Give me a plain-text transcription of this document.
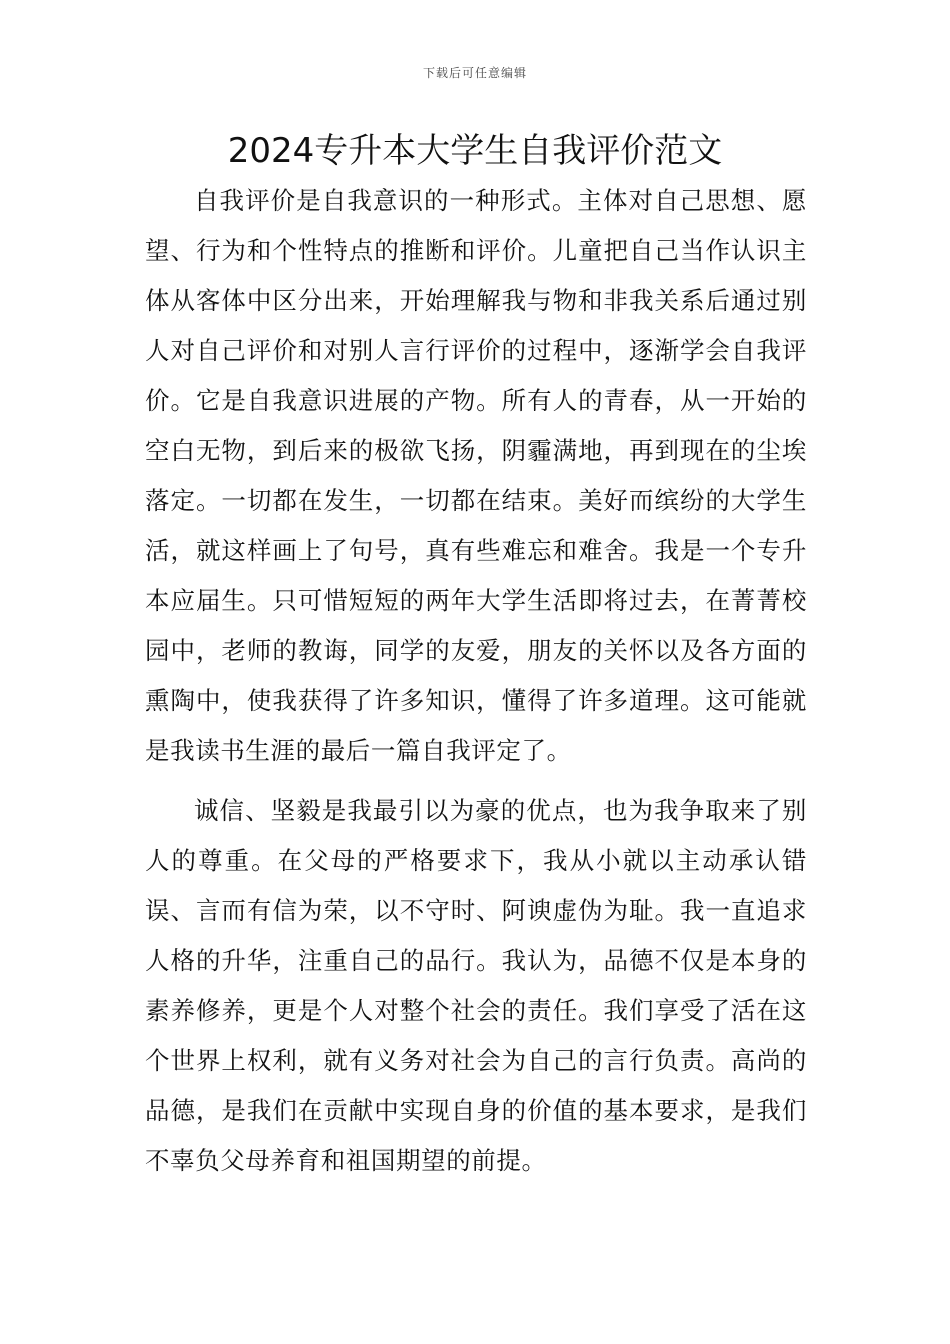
下载后可任意编辑
2024专升本大学生自我评价范文

自我评价是自我意识的一种形式。主体对自己思想、愿望、行为和个性特点的推断和评价。儿童把自己当作认识主体从客体中区分出来，开始理解我与物和非我关系后通过别人对自己评价和对别人言行评价的过程中，逐渐学会自我评价。它是自我意识进展的产物。所有人的青春，从一开始的空白无物，到后来的极欲飞扬，阴霾满地，再到现在的尘埃落定。一切都在发生，一切都在结束。美好而缤纷的大学生活，就这样画上了句号，真有些难忘和难舍。我是一个专升本应届生。只可惜短短的两年大学生活即将过去，在菁菁校园中，老师的教诲，同学的友爱，朋友的关怀以及各方面的熏陶中，使我获得了许多知识，懂得了许多道理。这可能就是我读书生涯的最后一篇自我评定了。

诚信、坚毅是我最引以为豪的优点，也为我争取来了别人的尊重。在父母的严格要求下，我从小就以主动承认错误、言而有信为荣，以不守时、阿谀虚伪为耻。我一直追求人格的升华，注重自己的品行。我认为，品德不仅是本身的素养修养，更是个人对整个社会的责任。我们享受了活在这个世界上权利，就有义务对社会为自己的言行负责。高尚的品德，是我们在贡献中实现自身的价值的基本要求，是我们不辜负父母养育和祖国期望的前提。
